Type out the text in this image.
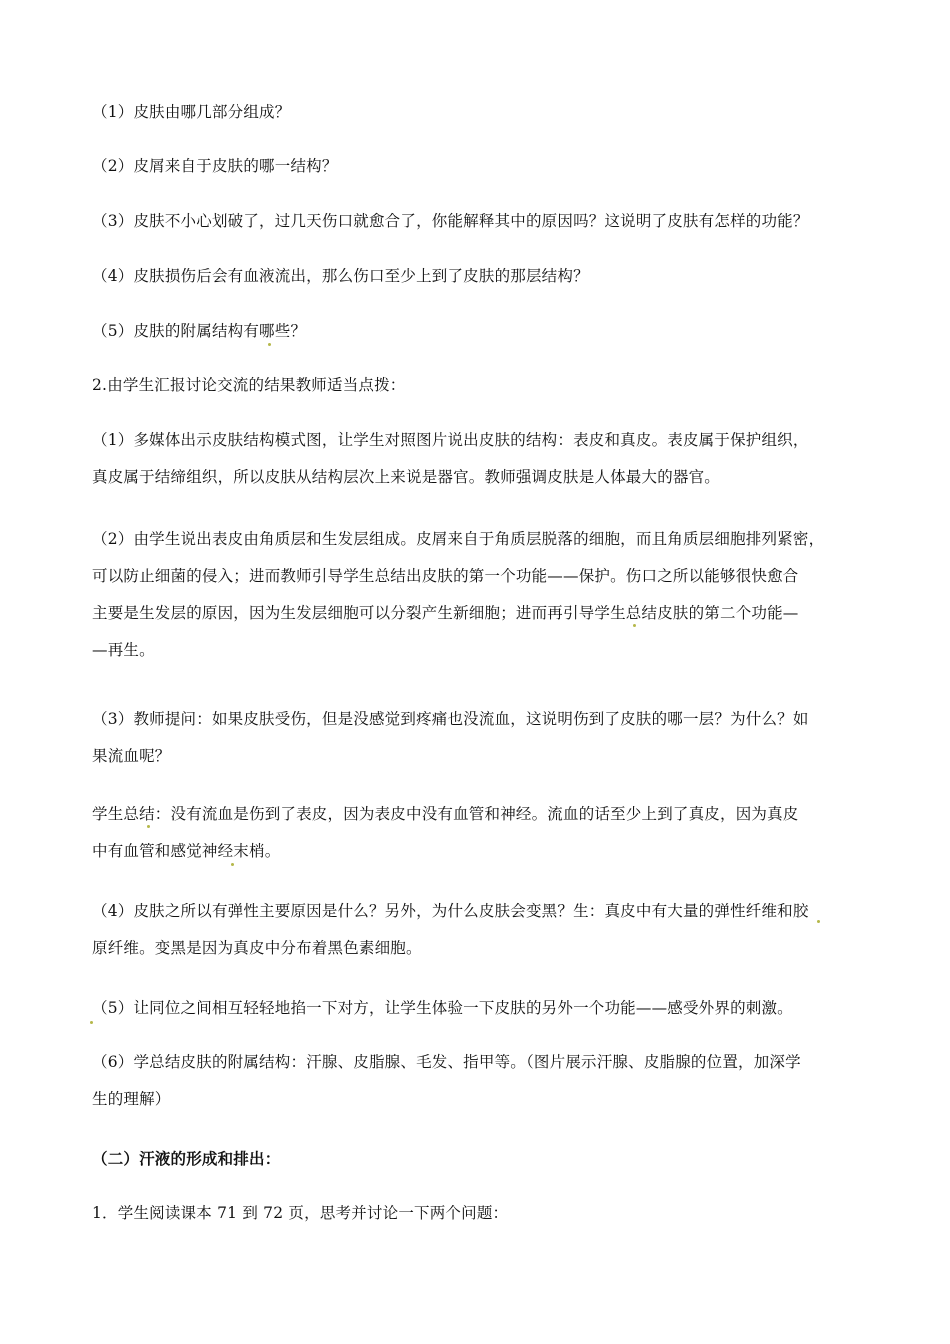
（1）皮肤由哪几部分组成？

（2）皮屑来自于皮肤的哪一结构？

（3）皮肤不小心划破了，过几天伤口就愈合了，你能解释其中的原因吗？这说明了皮肤有怎样的功能？

（4）皮肤损伤后会有血液流出，那么伤口至少上到了皮肤的那层结构？

（5）皮肤的附属结构有哪些？

2.由学生汇报讨论交流的结果教师适当点拨：

（1）多媒体出示皮肤结构模式图，让学生对照图片说出皮肤的结构：表皮和真皮。表皮属于保护组织，
真皮属于结缔组织，所以皮肤从结构层次上来说是器官。教师强调皮肤是人体最大的器官。

（2）由学生说出表皮由角质层和生发层组成。皮屑来自于角质层脱落的细胞，而且角质层细胞排列紧密，
可以防止细菌的侵入；进而教师引导学生总结出皮肤的第一个功能——保护。伤口之所以能够很快愈合
主要是生发层的原因，因为生发层细胞可以分裂产生新细胞；进而再引导学生总结皮肤的第二个功能—
—再生。

（3）教师提问：如果皮肤受伤，但是没感觉到疼痛也没流血，这说明伤到了皮肤的哪一层？为什么？如
果流血呢？

学生总结：没有流血是伤到了表皮，因为表皮中没有血管和神经。流血的话至少上到了真皮，因为真皮
中有血管和感觉神经末梢。

（4）皮肤之所以有弹性主要原因是什么？另外，为什么皮肤会变黑？生：真皮中有大量的弹性纤维和胶
原纤维。变黑是因为真皮中分布着黑色素细胞。

（5）让同位之间相互轻轻地掐一下对方，让学生体验一下皮肤的另外一个功能——感受外界的刺激。

（6）学总结皮肤的附属结构：汗腺、皮脂腺、毛发、指甲等。（图片展示汗腺、皮脂腺的位置，加深学
生的理解）

（二）汗液的形成和排出：

1．学生阅读课本 71 到 72 页，思考并讨论一下两个问题：
